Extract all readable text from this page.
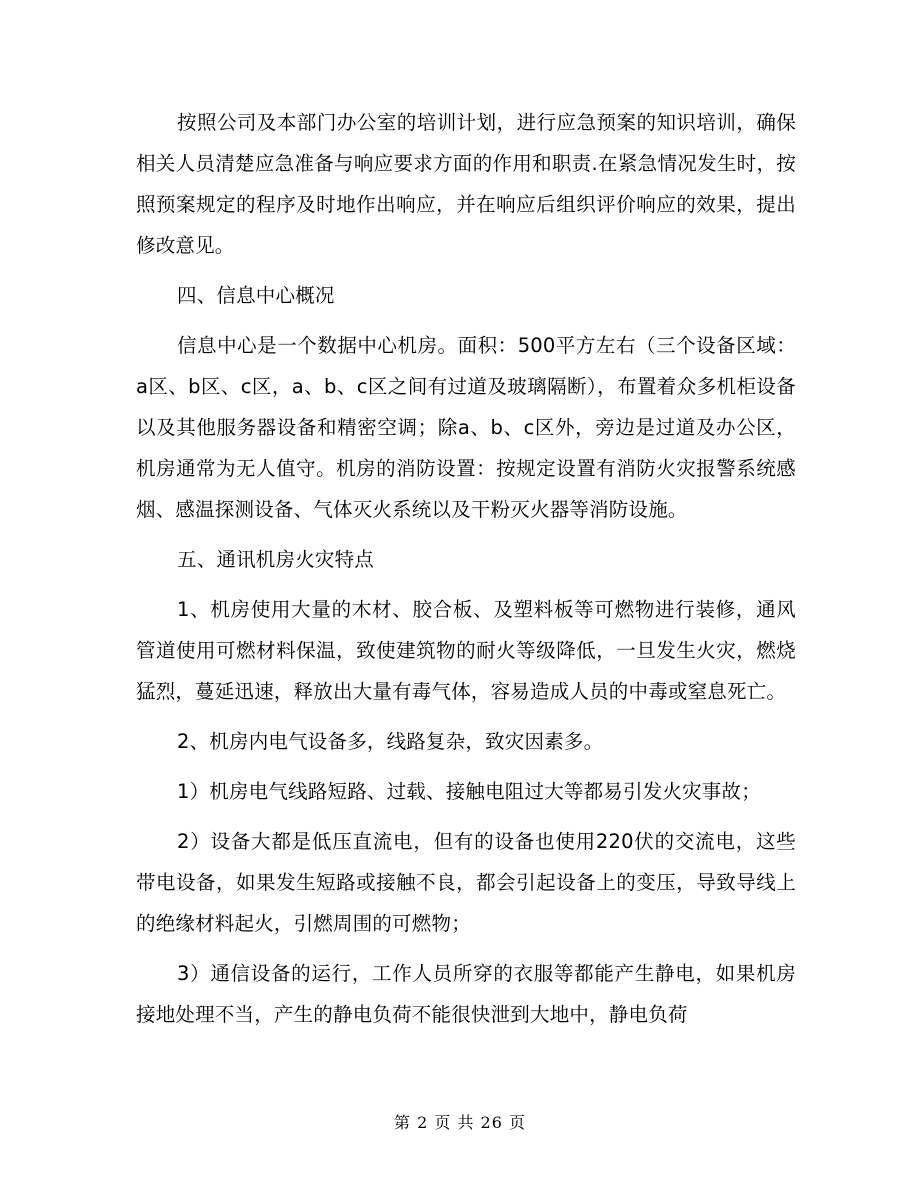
按照公司及本部门办公室的培训计划，进行应急预案的知识培训，确保相关人员清楚应急准备与响应要求方面的作用和职责.在紧急情况发生时，按照预案规定的程序及时地作出响应，并在响应后组织评价响应的效果，提出修改意见。

四、信息中心概况

信息中心是一个数据中心机房。面积：500平方左右（三个设备区域：a区、b区、c区，a、b、c区之间有过道及玻璃隔断），布置着众多机柜设备以及其他服务器设备和精密空调；除a、b、c区外，旁边是过道及办公区，机房通常为无人值守。机房的消防设置：按规定设置有消防火灾报警系统感烟、感温探测设备、气体灭火系统以及干粉灭火器等消防设施。

五、通讯机房火灾特点

1、机房使用大量的木材、胶合板、及塑料板等可燃物进行装修，通风管道使用可燃材料保温，致使建筑物的耐火等级降低，一旦发生火灾，燃烧猛烈，蔓延迅速，释放出大量有毒气体，容易造成人员的中毒或窒息死亡。

2、机房内电气设备多，线路复杂，致灾因素多。

1）机房电气线路短路、过载、接触电阻过大等都易引发火灾事故；

2）设备大都是低压直流电，但有的设备也使用220伏的交流电，这些带电设备，如果发生短路或接触不良，都会引起设备上的变压，导致导线上的绝缘材料起火，引燃周围的可燃物；

3）通信设备的运行，工作人员所穿的衣服等都能产生静电，如果机房接地处理不当，产生的静电负荷不能很快泄到大地中，静电负荷

第 2 页 共 26 页
